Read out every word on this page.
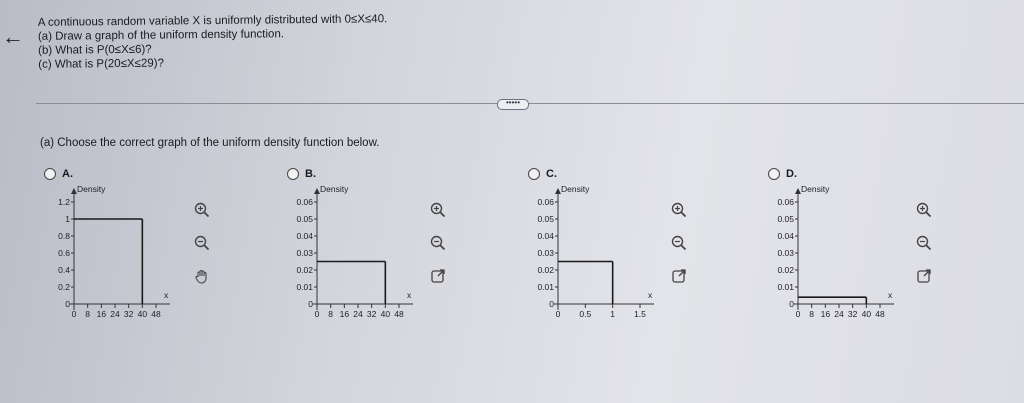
←
A continuous random variable X is uniformly distributed with 0≤X≤40.
(a) Draw a graph of the uniform density function.
(b) What is P(0≤X≤6)?
(c) What is P(20≤X≤29)?
•••••
(a) Choose the correct graph of the uniform density function below.
A.
Density
x
0
0.2
0.4
0.6
0.8
1
1.2
0 8 16 24 32 40 48
B.
Density
x
0
0.01
0.02
0.03
0.04
0.05
0.06
0 8 16 24 32 40 48
C.
Density
x
0
0.01
0.02
0.03
0.04
0.05
0.06
0 0.5 1 1.5
D.
Density
x
0
0.01
0.02
0.03
0.04
0.05
0.06
0 8 16 24 32 40 48
